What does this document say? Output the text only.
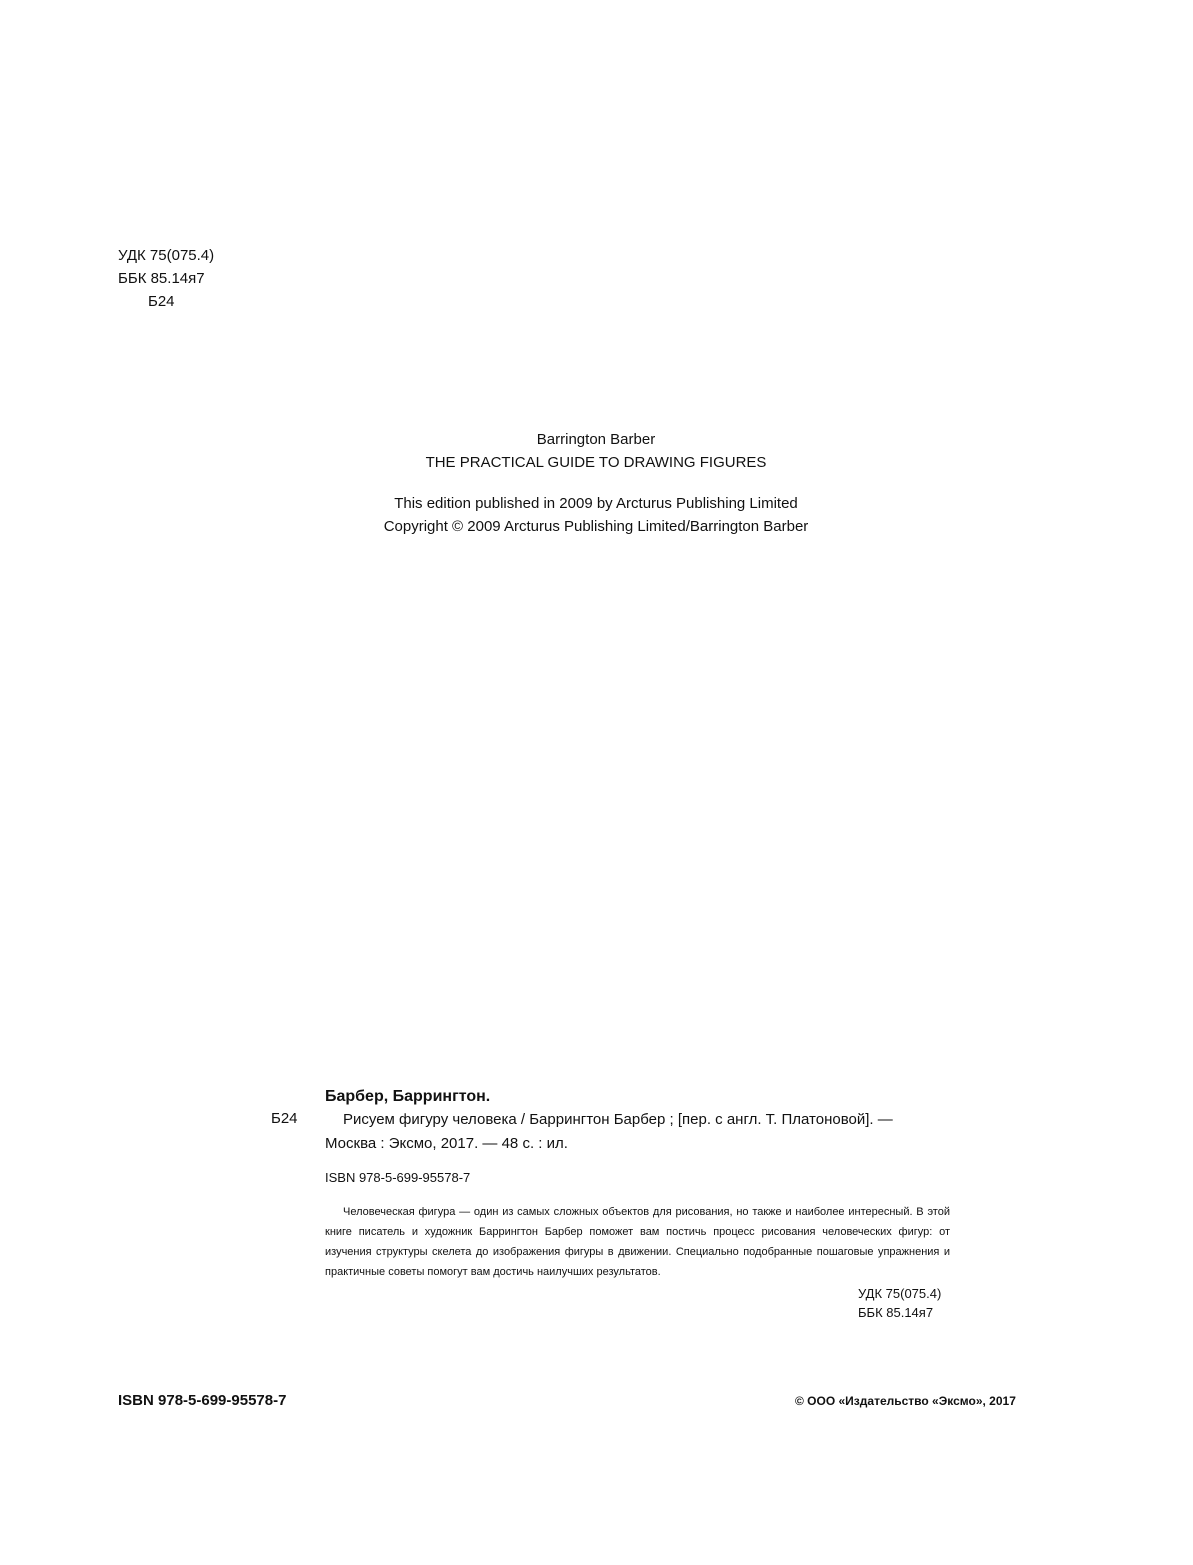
УДК 75(075.4)
ББК 85.14я7
Б24
Barrington Barber
THE PRACTICAL GUIDE TO DRAWING FIGURES
This edition published in 2009 by Arcturus Publishing Limited
Copyright © 2009 Arcturus Publishing Limited/Barrington Barber
Барбер, Баррингтон.
Б24	Рисуем фигуру человека / Баррингтон Барбер ; [пер. с англ. Т. Платоновой]. —
Москва : Эксмо, 2017. — 48 с. : ил.
ISBN 978-5-699-95578-7
Человеческая фигура — один из самых сложных объектов для рисования, но также и наиболее интересный. В этой книге писатель и художник Баррингтон Барбер поможет вам постичь процесс рисования человеческих фигур: от изучения структуры скелета до изображения фигуры в движении. Специально подобранные пошаговые упражнения и практичные советы помогут вам достичь наилучших результатов.
УДК 75(075.4)
ББК 85.14я7
ISBN 978-5-699-95578-7	© ООО «Издательство «Эксмо», 2017
